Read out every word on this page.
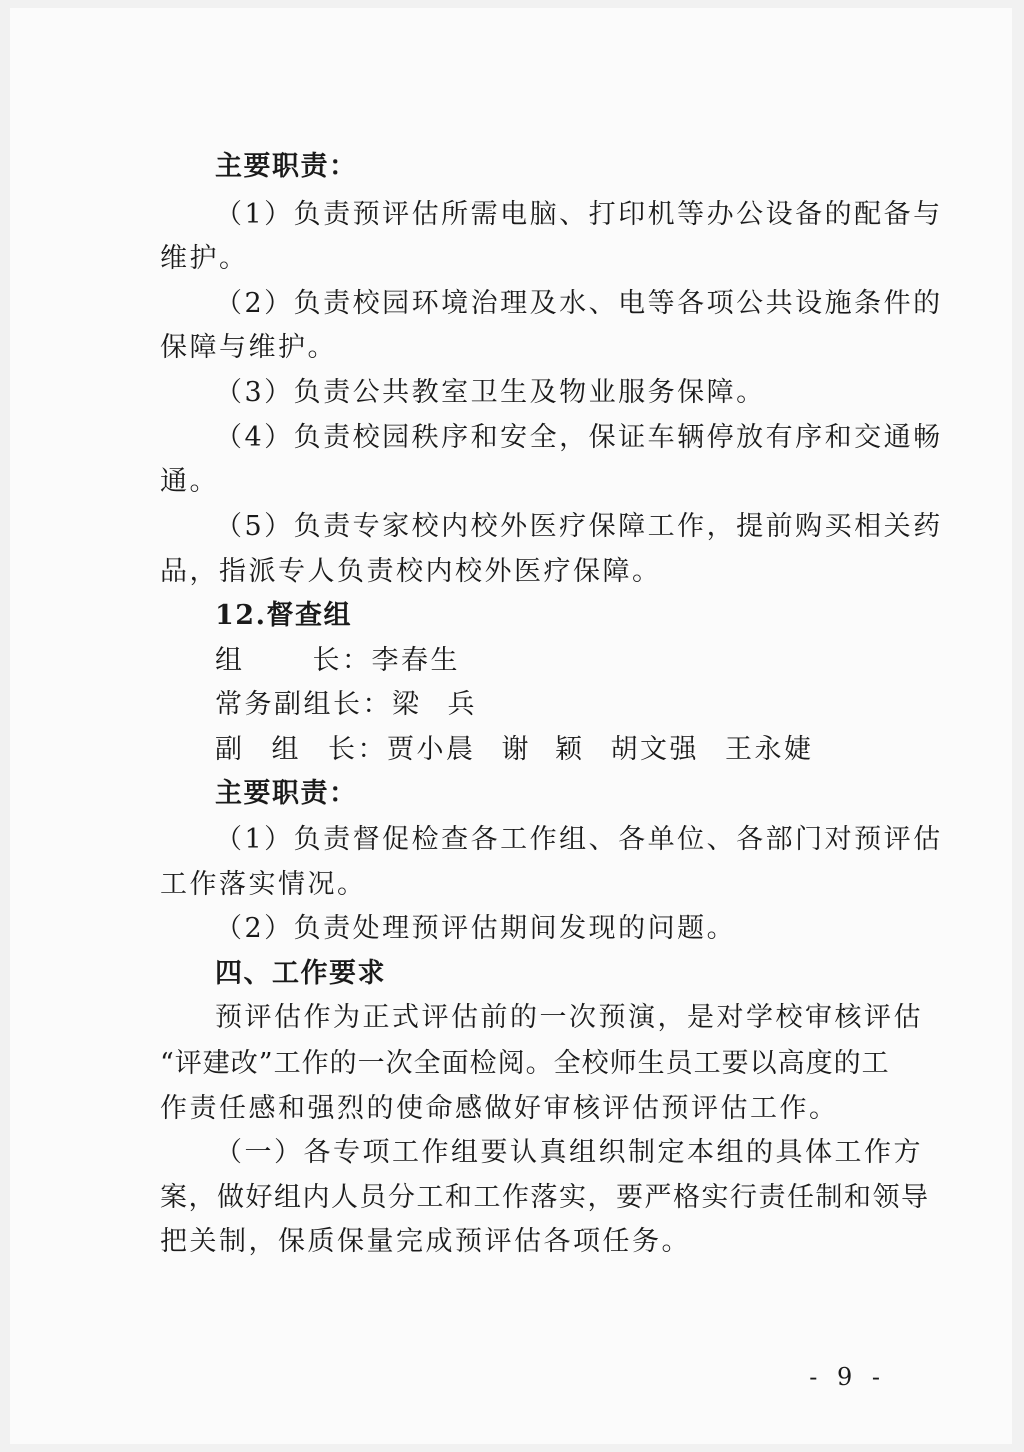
主要职责：
（1）负责预评估所需电脑、打印机等办公设备的配备与
维护。
（2）负责校园环境治理及水、电等各项公共设施条件的
保障与维护。
（3）负责公共教室卫生及物业服务保障。
（4）负责校园秩序和安全，保证车辆停放有序和交通畅
通。
（5）负责专家校内校外医疗保障工作，提前购买相关药
品，指派专人负责校内校外医疗保障。
12.督查组
组	长：李春生
常务副组长：梁 兵
副 组 长：贾小晨 谢 颖 胡文强 王永婕
主要职责：
（1）负责督促检查各工作组、各单位、各部门对预评估
工作落实情况。
（2）负责处理预评估期间发现的问题。
四、工作要求
预评估作为正式评估前的一次预演，是对学校审核评估
“评建改”工作的一次全面检阅。全校师生员工要以高度的工
作责任感和强烈的使命感做好审核评估预评估工作。
（一）各专项工作组要认真组织制定本组的具体工作方
案，做好组内人员分工和工作落实，要严格实行责任制和领导
把关制，保质保量完成预评估各项任务。
- 9 -
